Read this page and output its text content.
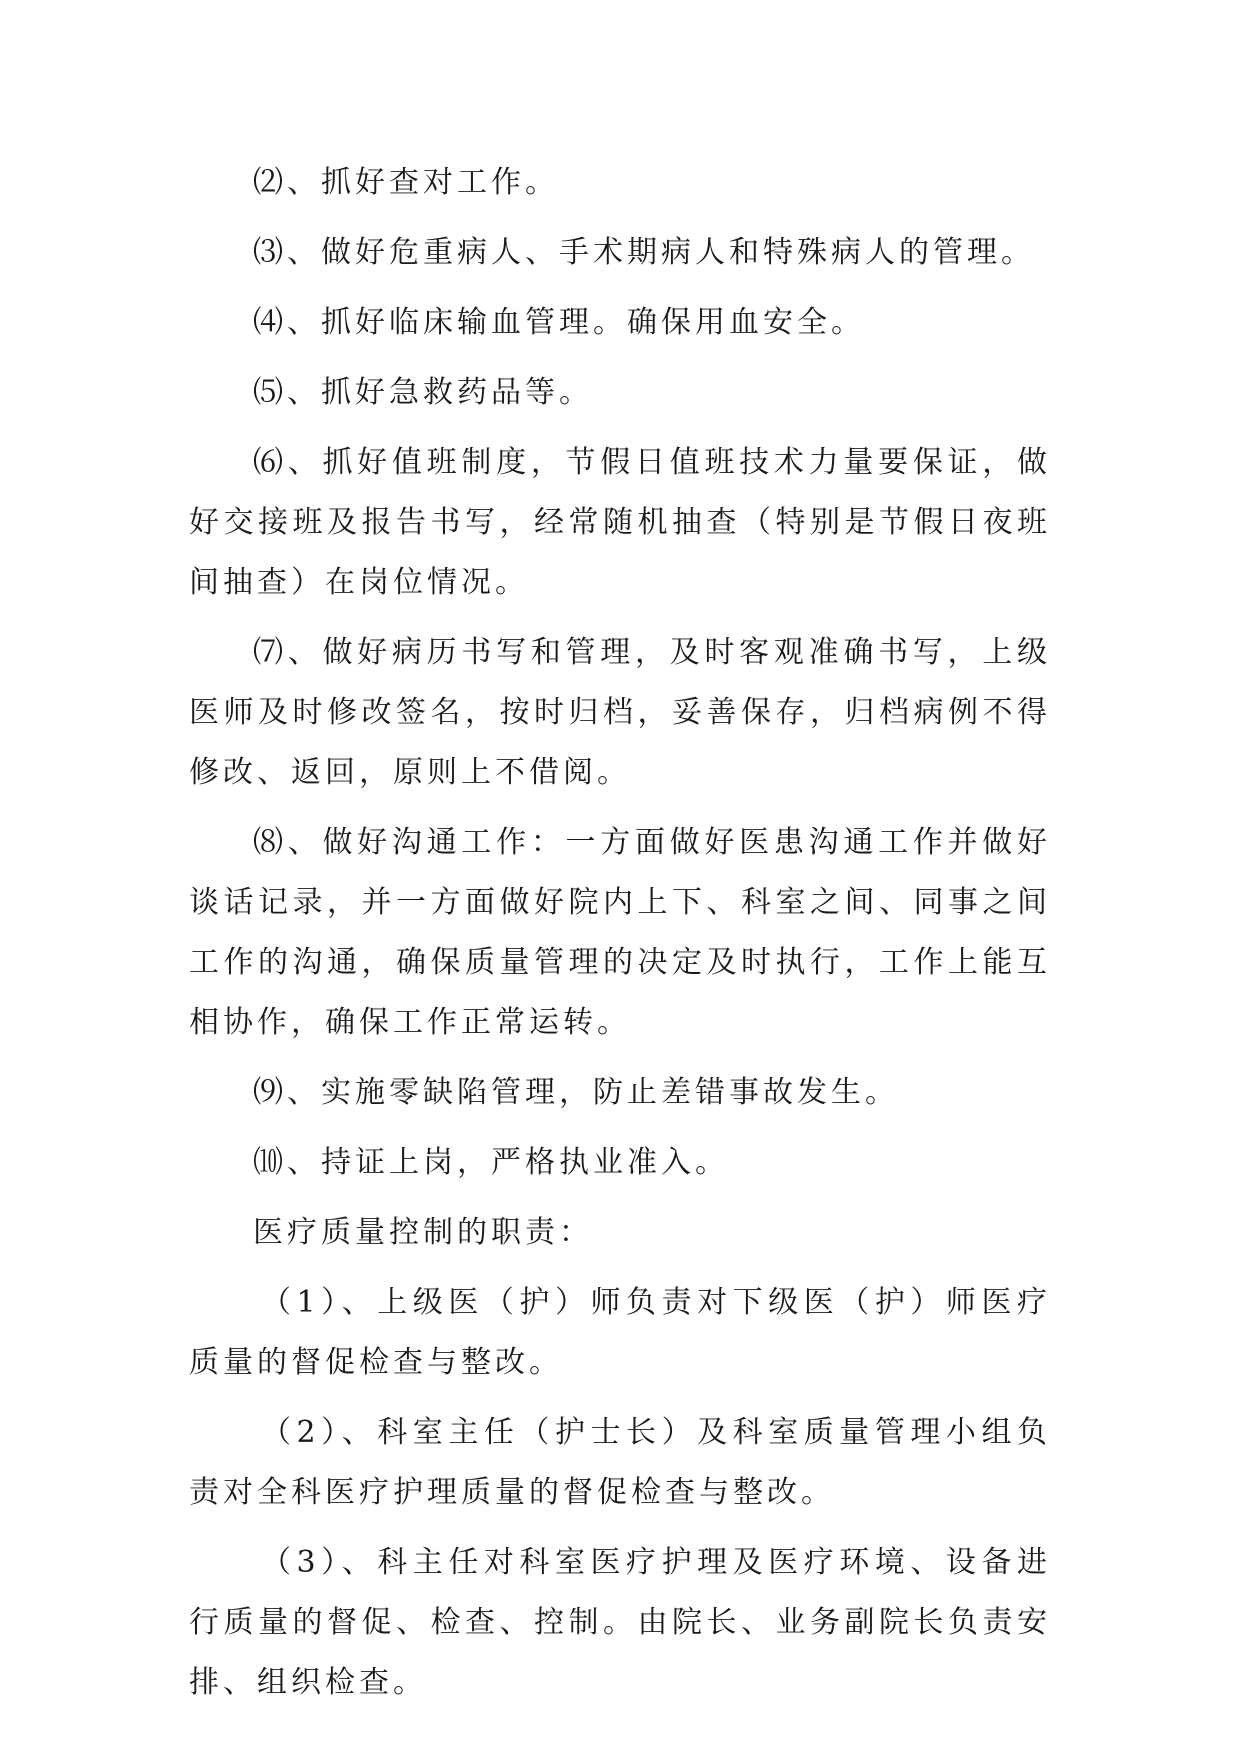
⑵、抓好查对工作。

⑶、做好危重病人、手术期病人和特殊病人的管理。

⑷、抓好临床输血管理。确保用血安全。

⑸、抓好急救药品等。

⑹、抓好值班制度，节假日值班技术力量要保证，做好交接班及报告书写，经常随机抽查（特别是节假日夜班间抽查）在岗位情况。

⑺、做好病历书写和管理，及时客观准确书写，上级医师及时修改签名，按时归档，妥善保存，归档病例不得修改、返回，原则上不借阅。

⑻、做好沟通工作：一方面做好医患沟通工作并做好谈话记录，并一方面做好院内上下、科室之间、同事之间工作的沟通，确保质量管理的决定及时执行，工作上能互相协作，确保工作正常运转。

⑼、实施零缺陷管理，防止差错事故发生。

⑽、持证上岗，严格执业准入。

医疗质量控制的职责：

（1）、上级医（护）师负责对下级医（护）师医疗质量的督促检查与整改。

（2）、科室主任（护士长）及科室质量管理小组负责对全科医疗护理质量的督促检查与整改。

（3）、科主任对科室医疗护理及医疗环境、设备进行质量的督促、检查、控制。由院长、业务副院长负责安排、组织检查。
